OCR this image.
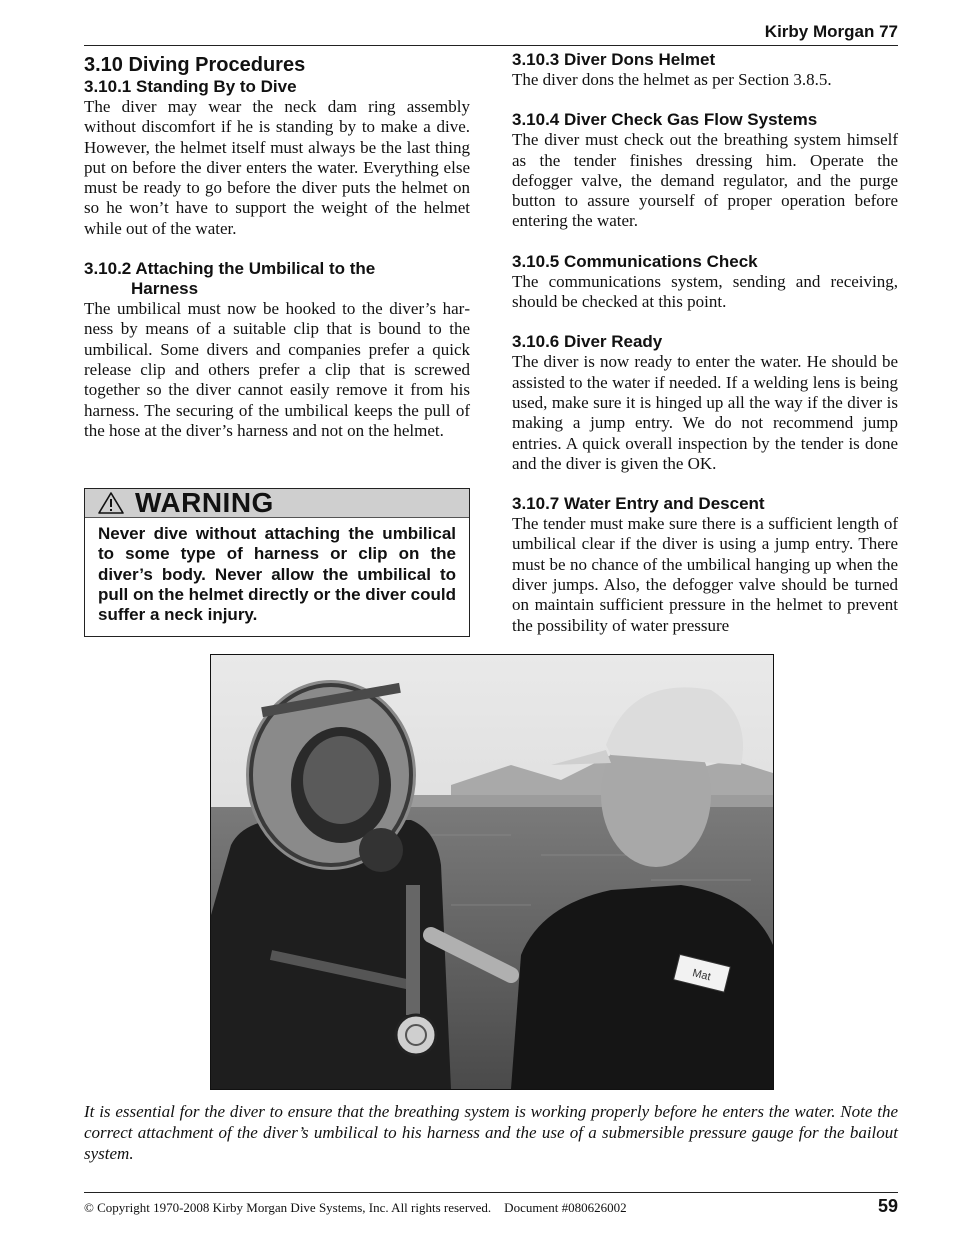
Kirby Morgan 77
3.10 Diving Procedures
3.10.1 Standing By to Dive

The diver may wear the neck dam ring assembly without discomfort if he is standing by to make a dive. However, the helmet itself must always be the last thing put on before the diver enters the water. Everything else must be ready to go before the diver puts the helmet on so he won’t have to support the weight of the helmet while out of the water.

3.10.2 Attaching the Umbilical to the
Harness

The umbilical must now be hooked to the diver’s harness by means of a suitable clip that is bound to the umbilical. Some divers and companies prefer a quick release clip and others prefer a clip that is screwed together so the diver cannot easily remove it from his harness. The securing of the umbilical keeps the pull of the hose at the diver’s harness and not on the helmet.

WARNING

Never dive without attaching the umbilical to some type of harness or clip on the diver’s body. Never allow the umbilical to pull on the helmet directly or the diver could suffer a neck injury.

3.10.3 Diver Dons Helmet

The diver dons the helmet as per Section 3.8.5.

3.10.4 Diver Check Gas Flow Systems

The diver must check out the breathing system himself as the tender finishes dressing him. Operate the defogger valve, the demand regulator, and the purge button to assure yourself of proper operation before entering the water.

3.10.5 Communications Check

The communications system, sending and receiving, should be checked at this point.

3.10.6 Diver Ready

The diver is now ready to enter the water. He should be assisted to the water if needed. If a welding lens is being used, make sure it is hinged up all the way if the diver is making a jump entry. We do not recommend jump entries. A quick overall inspection by the tender is done and the diver is given the OK.

3.10.7 Water Entry and Descent

The tender must make sure there is a sufficient length of umbilical clear if the diver is using a jump entry. There must be no chance of the umbilical hanging up when the diver jumps. Also, the defogger valve should be turned on maintain sufficient pressure in the helmet to prevent the possibility of water pressure

Mat

It is essential for the diver to ensure that the breathing system is working properly before he enters the water. Note the correct attachment of the diver’s umbilical to his harness and the use of a submersible pressure gauge for the bailout system.

© Copyright 1970-2008 Kirby Morgan Dive Systems, Inc. All rights reserved.    Document #080626002	59
